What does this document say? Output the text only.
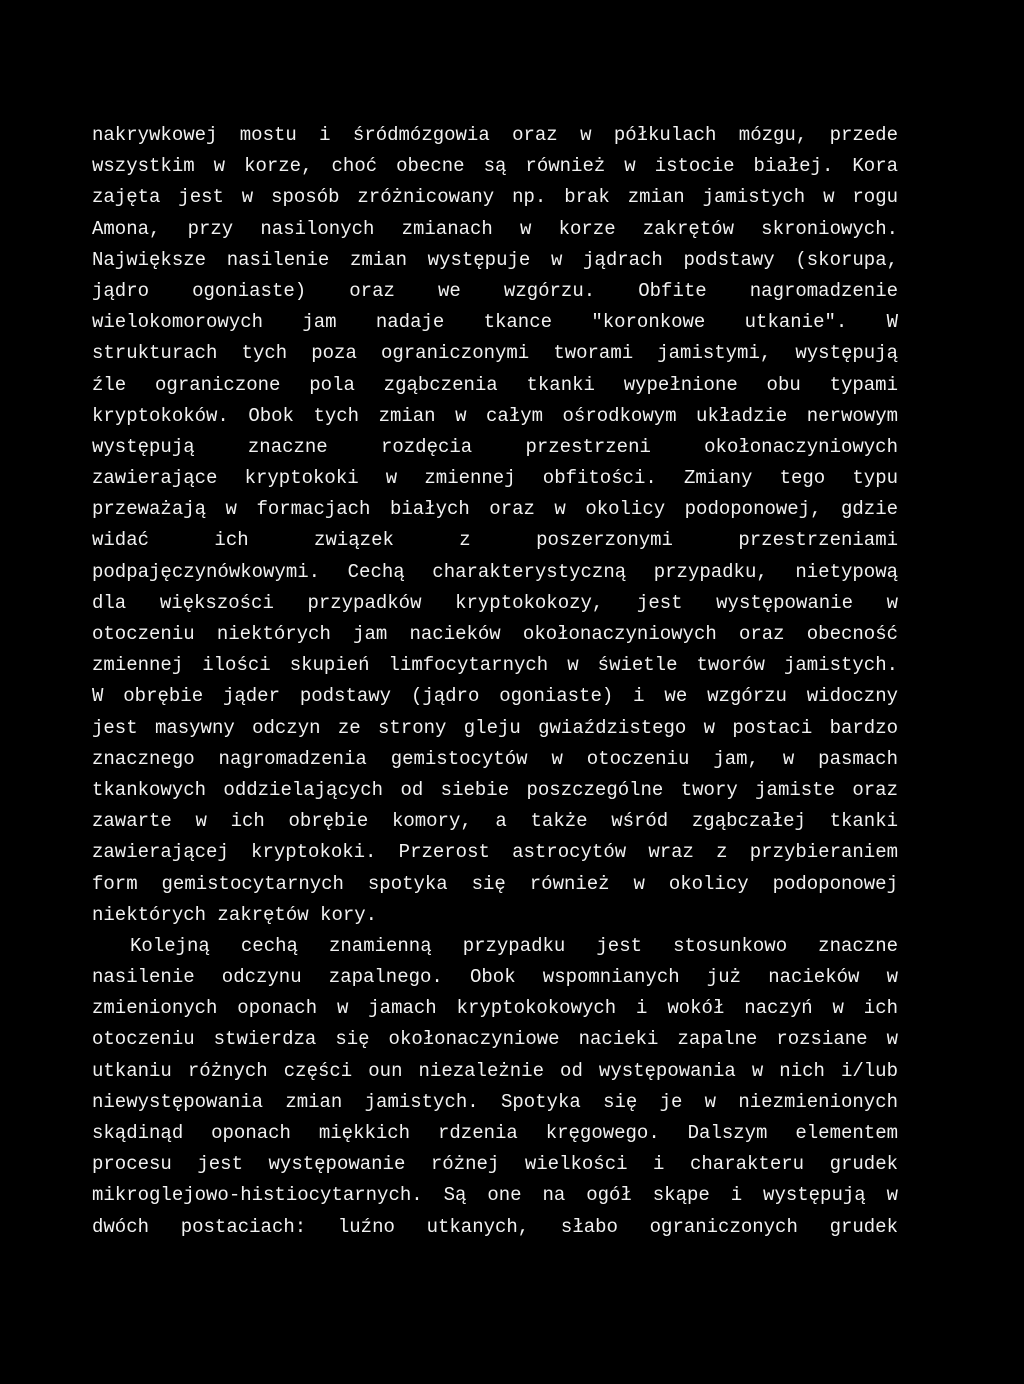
nakrywkowej mostu i śródmózgowia oraz w półkulach mózgu, przede
wszystkim w korze, choć obecne są również w istocie białej. Kora
zajęta jest w sposób zróżnicowany np. brak zmian jamistych w rogu
Amona, przy nasilonych zmianach w korze zakrętów skroniowych.
Największe nasilenie zmian występuje w jądrach podstawy (skorupa,
jądro ogoniaste) oraz we wzgórzu. Obfite nagromadzenie
wielokomorowych jam nadaje tkance "koronkowe utkanie". W
strukturach tych poza ograniczonymi tworami jamistymi, występują
źle ograniczone pola zgąbczenia tkanki wypełnione obu typami
kryptokoków. Obok tych zmian w całym ośrodkowym układzie nerwowym
występują znaczne rozdęcia przestrzeni okołonaczyniowych
zawierające kryptokoki w zmiennej obfitości. Zmiany tego typu
przeważają w formacjach białych oraz w okolicy podoponowej, gdzie
widać ich związek z poszerzonymi przestrzeniami
podpajęczynówkowymi. Cechą charakterystyczną przypadku, nietypową
dla większości przypadków kryptokokozy, jest występowanie w
otoczeniu niektórych jam nacieków okołonaczyniowych oraz obecność
zmiennej ilości skupień limfocytarnych w świetle tworów jamistych.
W obrębie jąder podstawy (jądro ogoniaste) i we wzgórzu widoczny
jest masywny odczyn ze strony gleju gwiaździstego w postaci bardzo
znacznego nagromadzenia gemistocytów w otoczeniu jam, w pasmach
tkankowych oddzielających od siebie poszczególne twory jamiste oraz
zawarte w ich obrębie komory, a także wśród zgąbczałej tkanki
zawierającej kryptokoki. Przerost astrocytów wraz z przybieraniem
form gemistocytarnych spotyka się również w okolicy podoponowej
niektórych zakrętów kory.
Kolejną cechą znamienną przypadku jest stosunkowo znaczne
nasilenie odczynu zapalnego. Obok wspomnianych już nacieków w
zmienionych oponach w jamach kryptokokowych i wokół naczyń w ich
otoczeniu stwierdza się okołonaczyniowe nacieki zapalne rozsiane w
utkaniu różnych części oun niezależnie od występowania w nich i/lub
niewystępowania zmian jamistych. Spotyka się je w niezmienionych
skądinąd oponach miękkich rdzenia kręgowego. Dalszym elementem
procesu jest występowanie różnej wielkości i charakteru grudek
mikroglejowo-histiocytarnych. Są one na ogół skąpe i występują w
dwóch postaciach: luźno utkanych, słabo ograniczonych grudek
